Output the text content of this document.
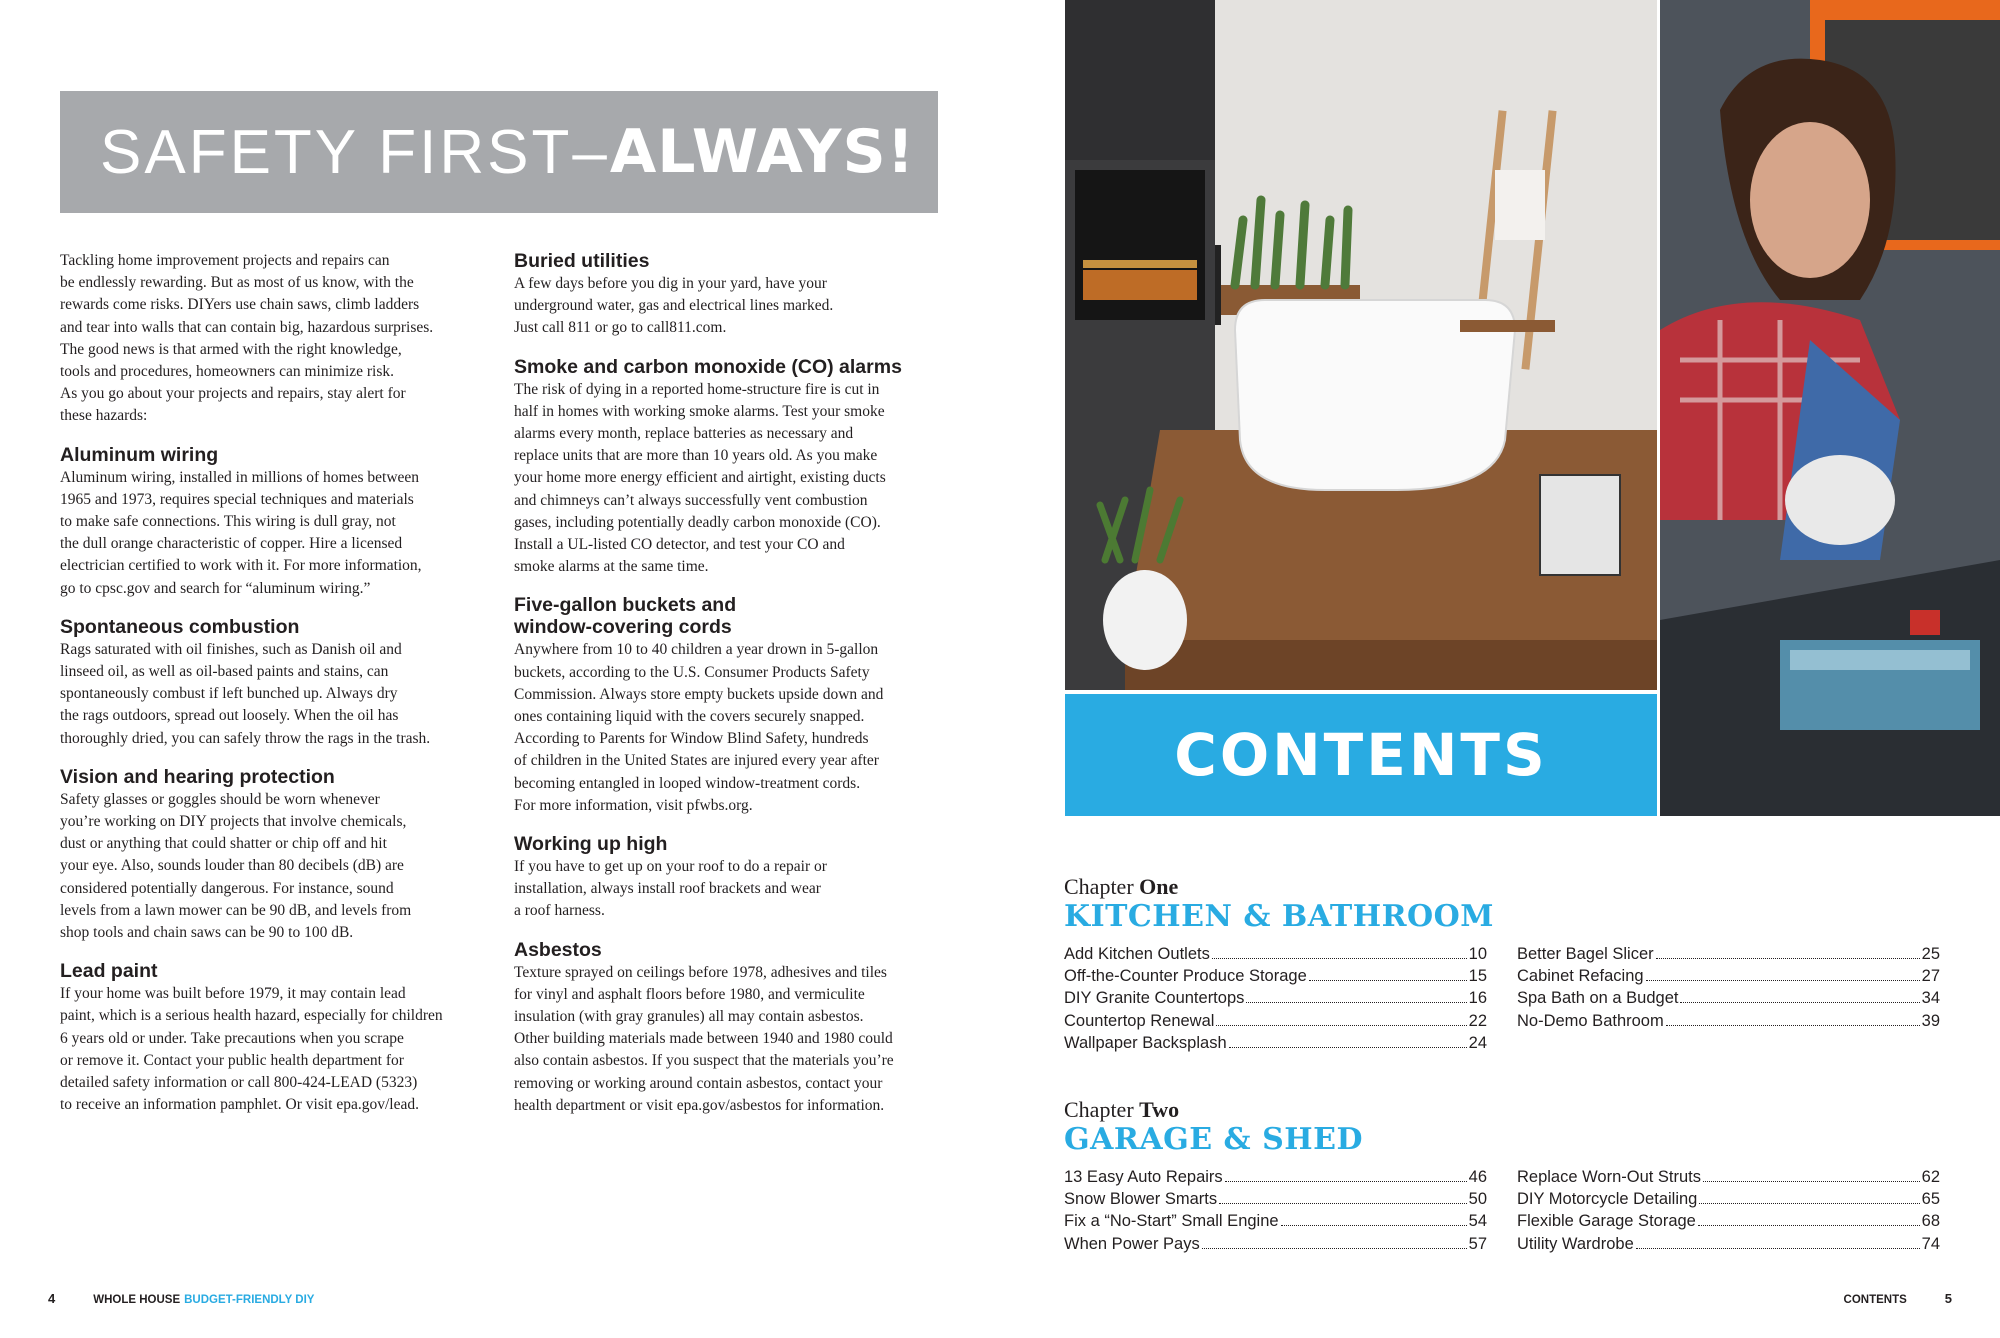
SAFETY FIRST– ALWAYS!

Tackling home improvement projects and repairs can
be endlessly rewarding. But as most of us know, with the
rewards come risks. DIYers use chain saws, climb ladders
and tear into walls that can contain big, hazardous surprises.

The good news is that armed with the right knowledge,
tools and procedures, homeowners can minimize risk.
As you go about your projects and repairs, stay alert for
these hazards:

Aluminum wiring

Aluminum wiring, installed in millions of homes between
1965 and 1973, requires special techniques and materials
to make safe connections. This wiring is dull gray, not
the dull orange characteristic of copper. Hire a licensed
electrician certified to work with it. For more information,
go to cpsc.gov and search for “aluminum wiring.”

Spontaneous combustion

Rags saturated with oil finishes, such as Danish oil and
linseed oil, as well as oil-based paints and stains, can
spontaneously combust if left bunched up. Always dry
the rags outdoors, spread out loosely. When the oil has
thoroughly dried, you can safely throw the rags in the trash.

Vision and hearing protection

Safety glasses or goggles should be worn whenever
you’re working on DIY projects that involve chemicals,
dust or anything that could shatter or chip off and hit
your eye. Also, sounds louder than 80 decibels (dB) are
considered potentially dangerous. For instance, sound
levels from a lawn mower can be 90 dB, and levels from
shop tools and chain saws can be 90 to 100 dB.

Lead paint

If your home was built before 1979, it may contain lead
paint, which is a serious health hazard, especially for children
6 years old or under. Take precautions when you scrape
or remove it. Contact your public health department for
detailed safety information or call 800-424-LEAD (5323)
to receive an information pamphlet. Or visit epa.gov/lead.

Buried utilities

A few days before you dig in your yard, have your
underground water, gas and electrical lines marked.
Just call 811 or go to call811.com.

Smoke and carbon monoxide (CO) alarms

The risk of dying in a reported home-structure fire is cut in
half in homes with working smoke alarms. Test your smoke
alarms every month, replace batteries as necessary and
replace units that are more than 10 years old. As you make
your home more energy efficient and airtight, existing ducts
and chimneys can’t always successfully vent combustion
gases, including potentially deadly carbon monoxide (CO).
Install a UL-listed CO detector, and test your CO and
smoke alarms at the same time.

Five-gallon buckets and
window-covering cords

Anywhere from 10 to 40 children a year drown in 5-gallon
buckets, according to the U.S. Consumer Products Safety
Commission. Always store empty buckets upside down and
ones containing liquid with the covers securely snapped.
According to Parents for Window Blind Safety, hundreds
of children in the United States are injured every year after
becoming entangled in looped window-treatment cords.
For more information, visit pfwbs.org.

Working up high

If you have to get up on your roof to do a repair or
installation, always install roof brackets and wear
a roof harness.

Asbestos

Texture sprayed on ceilings before 1978, adhesives and tiles
for vinyl and asphalt floors before 1980, and vermiculite
insulation (with gray granules) all may contain asbestos.
Other building materials made between 1940 and 1980 could
also contain asbestos. If you suspect that the materials you’re
removing or working around contain asbestos, contact your
health department or visit epa.gov/asbestos for information.

4	WHOLE HOUSE BUDGET-FRIENDLY DIY
CONTENTS
Chapter One
KITCHEN & BATHROOM
Add Kitchen Outlets	10
Off-the-Counter Produce Storage	15
DIY Granite Countertops	16
Countertop Renewal	22
Wallpaper Backsplash	24
Better Bagel Slicer	25
Cabinet Refacing	27
Spa Bath on a Budget	34
No-Demo Bathroom	39
Chapter Two
GARAGE & SHED
13 Easy Auto Repairs	46
Snow Blower Smarts	50
Fix a “No-Start” Small Engine	54
When Power Pays	57
Replace Worn-Out Struts	62
DIY Motorcycle Detailing	65
Flexible Garage Storage	68
Utility Wardrobe	74
CONTENTS	5
